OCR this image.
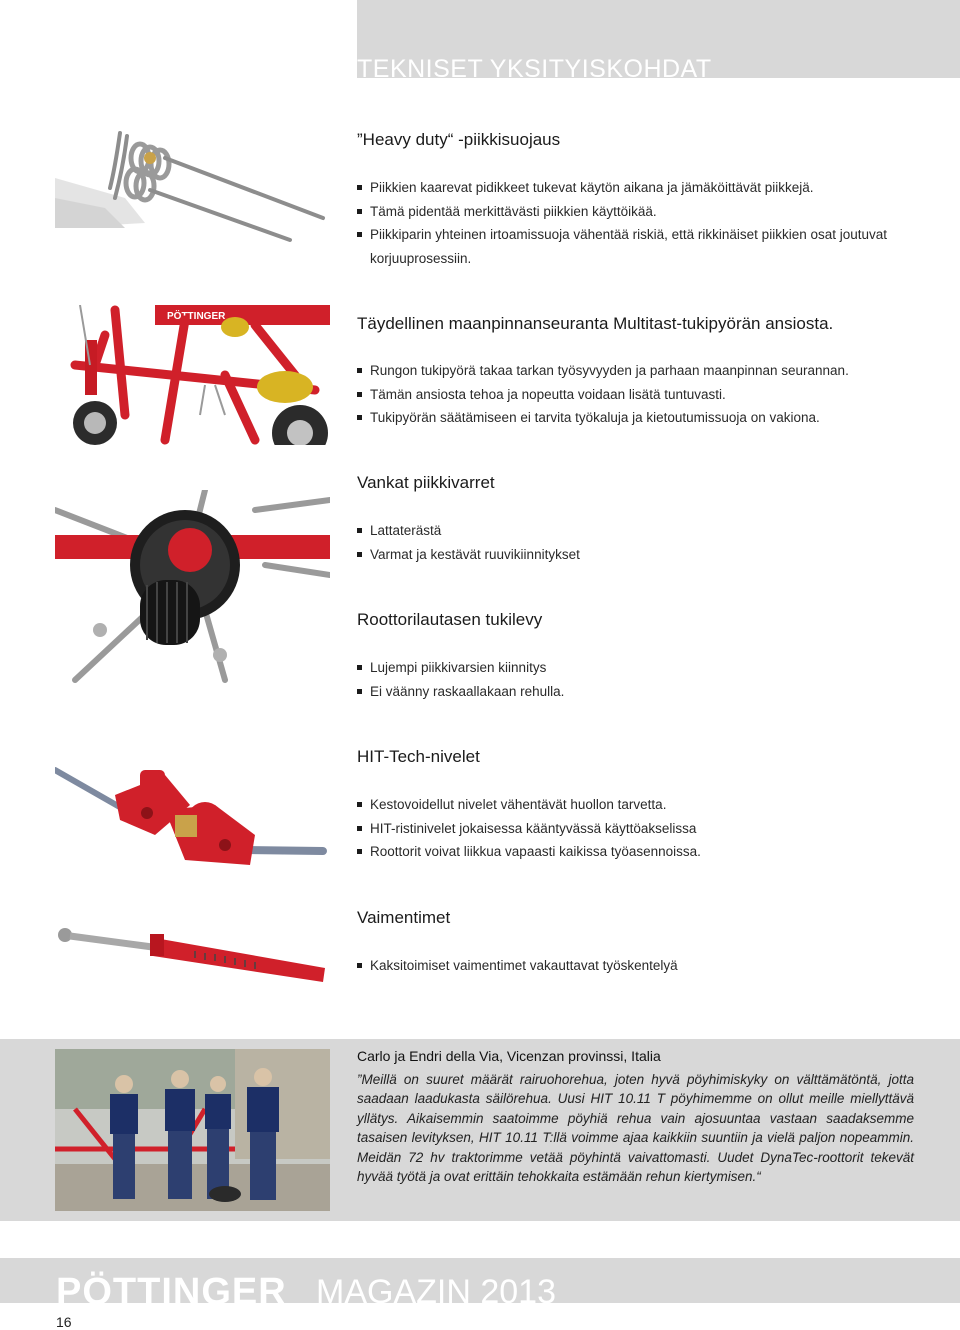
TEKNISET YKSITYISKOHDAT
”Heavy duty“ -piikkisuojaus
Piikkien kaarevat pidikkeet tukevat käytön aikana ja jämäköittävät piikkejä.
Tämä pidentää merkittävästi piikkien käyttöikää.
Piikkiparin yhteinen irtoamissuoja vähentää riskiä, että rikkinäiset piikkien osat joutuvat korjuuprosessiin.
PÖTTINGER	Täydellinen maanpinnanseuranta Multitast-tukipyörän ansiosta.
Rungon tukipyörä takaa tarkan työsyvyyden ja parhaan maanpinnan seurannan.
Tämän ansiosta tehoa ja nopeutta voidaan lisätä tuntuvasti.
Tukipyörän säätämiseen ei tarvita työkaluja ja kietoutumissuoja on vakiona.
Vankat piikkivarret
Lattaterästä
Varmat ja kestävät ruuvikiinnitykset
Roottorilautasen tukilevy
Lujempi piikkivarsien kiinnitys
Ei väänny raskaallakaan rehulla.
HIT-Tech-nivelet
Kestovoidellut nivelet vähentävät huollon tarvetta.
HIT-ristinivelet jokaisessa kääntyvässä käyttöakselissa
Roottorit voivat liikkua vapaasti kaikissa työasennoissa.
Vaimentimet
Kaksitoimiset vaimentimet vakauttavat työskentelyä
Carlo ja Endri della Via, Vicenzan provinssi, Italia

”Meillä on suuret määrät rairuohorehua, joten hyvä pöyhimiskyky on välttämätöntä, jotta saadaan laadukasta säilörehua. Uusi HIT 10.11 T pöyhimemme on ollut meille miellyttävä yllätys. Aikaisemmin saatoimme pöyhiä rehua vain ajosuuntaa vastaan saadaksemme tasaisen levityksen, HIT 10.11 T:llä voimme ajaa kaikkiin suuntiin ja vielä paljon nopeammin. Meidän 72 hv traktorimme vetää pöyhintä vaivattomasti. Uudet DynaTec-roottorit tekevät hyvää työtä ja ovat erittäin tehokkaita estämään rehun kiertymisen.“

PÖTTINGER MAGAZIN 2013
16
